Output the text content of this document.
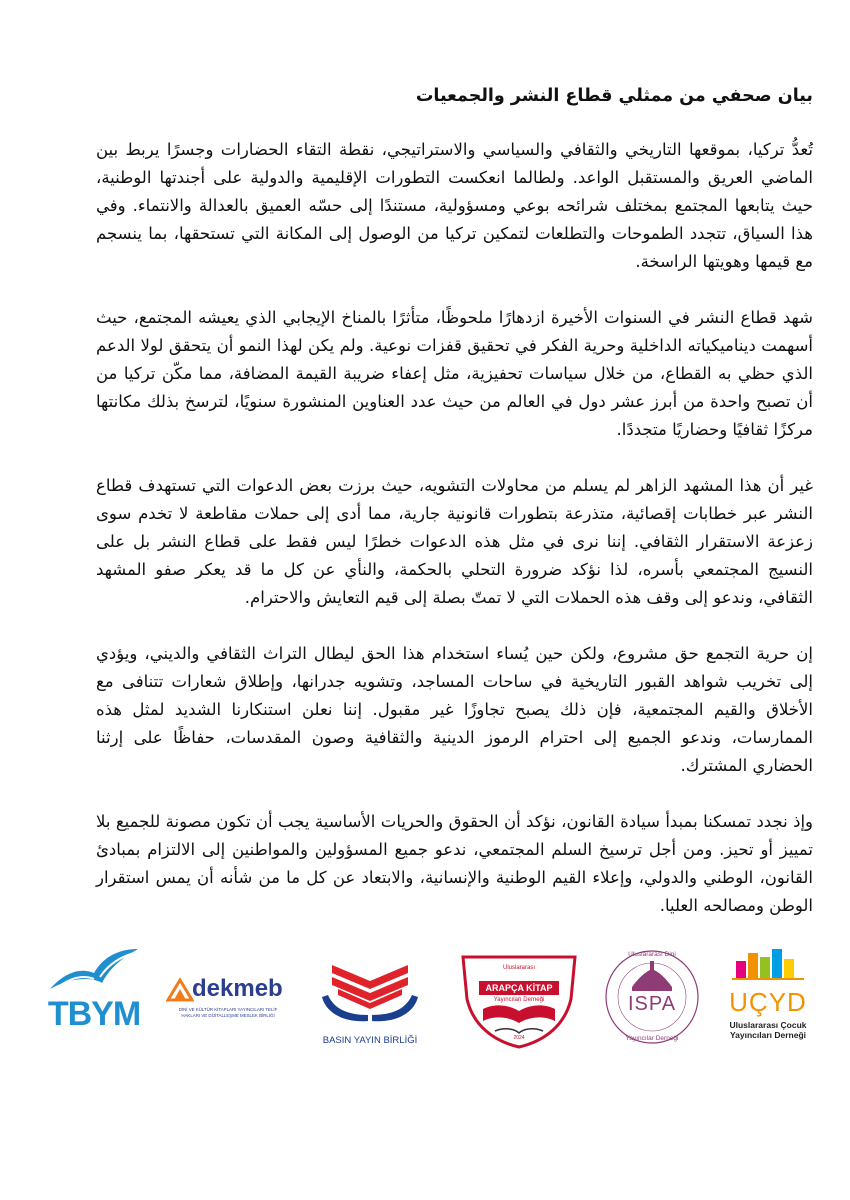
بيان صحفي من ممثلي قطاع النشر والجمعيات

تُعدُّ تركيا، بموقعها التاريخي والثقافي والسياسي والاستراتيجي، نقطة التقاء الحضارات وجسرًا يربط بين الماضي العريق والمستقبل الواعد. ولطالما انعكست التطورات الإقليمية والدولية على أجندتها الوطنية، حيث يتابعها المجتمع بمختلف شرائحه بوعي ومسؤولية، مستندًا إلى حسّه العميق بالعدالة والانتماء. وفي هذا السياق، تتجدد الطموحات والتطلعات لتمكين تركيا من الوصول إلى المكانة التي تستحقها، بما ينسجم مع قيمها وهويتها الراسخة.

شهد قطاع النشر في السنوات الأخيرة ازدهارًا ملحوظًا، متأثرًا بالمناخ الإيجابي الذي يعيشه المجتمع، حيث أسهمت ديناميكياته الداخلية وحرية الفكر في تحقيق قفزات نوعية. ولم يكن لهذا النمو أن يتحقق لولا الدعم الذي حظي به القطاع، من خلال سياسات تحفيزية، مثل إعفاء ضريبة القيمة المضافة، مما مكّن تركيا من أن تصبح واحدة من أبرز عشر دول في العالم من حيث عدد العناوين المنشورة سنويًا، لترسخ بذلك مكانتها مركزًا ثقافيًا وحضاريًا متجددًا.

غير أن هذا المشهد الزاهر لم يسلم من محاولات التشويه، حيث برزت بعض الدعوات التي تستهدف قطاع النشر عبر خطابات إقصائية، متذرعة بتطورات قانونية جارية، مما أدى إلى حملات مقاطعة لا تخدم سوى زعزعة الاستقرار الثقافي. إننا نرى في مثل هذه الدعوات خطرًا ليس فقط على قطاع النشر بل على النسيج المجتمعي بأسره، لذا نؤكد ضرورة التحلي بالحكمة، والنأي عن كل ما قد يعكر صفو المشهد الثقافي، وندعو إلى وقف هذه الحملات التي لا تمتّ بصلة إلى قيم التعايش والاحترام.

إن حرية التجمع حق مشروع، ولكن حين يُساء استخدام هذا الحق ليطال التراث الثقافي والديني، ويؤدي إلى تخريب شواهد القبور التاريخية في ساحات المساجد، وتشويه جدرانها، وإطلاق شعارات تتنافى مع الأخلاق والقيم المجتمعية، فإن ذلك يصبح تجاوزًا غير مقبول. إننا نعلن استنكارنا الشديد لمثل هذه الممارسات، وندعو الجميع إلى احترام الرموز الدينية والثقافية وصون المقدسات، حفاظًا على إرثنا الحضاري المشترك.

وإذ نجدد تمسكنا بمبدأ سيادة القانون، نؤكد أن الحقوق والحريات الأساسية يجب أن تكون مصونة للجميع بلا تمييز أو تحيز. ومن أجل ترسيخ السلم المجتمعي، ندعو جميع المسؤولين والمواطنين إلى الالتزام بمبادئ القانون، الوطني والدولي، وإعلاء القيم الوطنية والإنسانية، والابتعاد عن كل ما من شأنه أن يمس استقرار الوطن ومصالحه العليا.

TBYM
dekmeb
DİNİ VE KÜLTÜR KİTAPLARI YAYINCILARI TELİF
HAKLARI VE DİJİTALLEŞME MESLEK BİRLİĞİ
BASIN YAYIN BİRLİĞİ
Uluslararası
ARAPÇA KİTAP
Yayıncıları Derneği
2024
Uluslararası Dini
ISPA
Yayıncılar Derneği
UÇYD
Uluslararası Çocuk
Yayıncıları Derneği
